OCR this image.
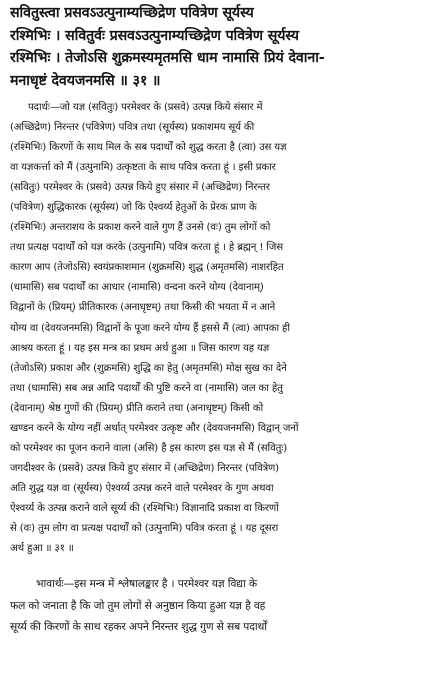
सवितुस्त्वा प्रसवऽउत्पुनाम्यच्छिद्रेण पवित्रेण सूर्यस्य
रश्मिभिः । सवितुर्वः प्रसवऽउत्पुनाम्यच्छिद्रेण पवित्रेण सूर्यस्य
रश्मिभिः । तेजोऽसि शुक्रमस्यमृतमसि धाम नामासि प्रियं देवाना-
मनाधृष्टं देवयजनमसि ॥ ३१ ॥
पदार्थः—जो यज्ञ (सवितुः) परमेश्वर के (प्रसवे) उत्पन्न किये संसार में
(अच्छिद्रेण) निरन्तर (पवित्रेण) पवित्र तथा (सूर्यस्य) प्रकाशमय सूर्य की
(रश्मिभिः) किरणों के साथ मिल के सब पदार्थों को शुद्ध करता है (त्वा) उस यज्ञ
वा यज्ञकर्त्ता को मैं (उत्पुनामि) उत्कृष्टता के साथ पवित्र करता हूं । इसी प्रकार
(सवितुः) परमेश्वर के (प्रसवे) उत्पन्न किये हुए संसार में (अच्छिद्रेण) निरन्तर
(पवित्रेण) शुद्धिकारक (सूर्यस्य) जो कि ऐश्वर्य्य हेतुओं के प्रेरक प्राण के
(रश्मिभिः) अन्तराशय के प्रकाश करने वाले गुण हैं उनसे (वः) तुम लोगों को
तथा प्रत्यक्ष पदार्थों को यज्ञ करके (उत्पुनामि) पवित्र करता हूं । हे ब्रह्मन् ! जिस
कारण आप (तेजोऽसि) स्वयंप्रकाशमान (शुक्रमसि) शुद्ध (अमृतमसि) नाशरहित
(धामासि) सब पदार्थों का आधार (नामासि) वन्दना करने योग्य (देवानाम्)
विद्वानों के (प्रियम्) प्रीतिकारक (अनाधृष्टम्) तथा किसी की भयता में न आने
योग्य वा (देवयजनमसि) विद्वानों के पूजा करने योग्य हैं इससे मैं (त्वा) आपका ही
आश्रय करता हूं । यह इस मन्त्र का प्रथम अर्थ हुआ ॥ जिस कारण यह यज्ञ
(तेजोऽसि) प्रकाश और (शुक्रमसि) शुद्धि का हेतु (अमृतमसि) मोक्ष सुख का देने
तथा (धामासि) सब अन्न आदि पदार्थों की पुष्टि करने वा (नामासि) जल का हेतु
(देवानाम्) श्रेष्ठ गुणों की (प्रियम्) प्रीति कराने तथा (अनाधृष्टम्) किसी को
खण्डन करने के योग्य नहीं अर्थात् परमेश्वर उत्कृष्ट और (देवयजनमसि) विद्वान् जनों
को परमेश्वर का पूजन कराने वाला (असि) है इस कारण इस यज्ञ से मैं (सवितुः)
जगदीश्वर के (प्रसवे) उत्पन्न किये हुए संसार में (अच्छिद्रेण) निरन्तर (पवित्रेण)
अति शुद्ध यज्ञ वा (सूर्यस्य) ऐश्वर्य्य उत्पन्न करने वाले परमेश्वर के गुण अथवा
ऐश्वर्य्य के उत्पन्न कराने वाले सूर्य्य की (रश्मिभिः) विज्ञानादि प्रकाश वा किरणों
से (वः) तुम लोग वा प्रत्यक्ष पदार्थों को (उत्पुनामि) पवित्र करता हूं । यह दूसरा
अर्थ हुआ ॥ ३१ ॥
भावार्थः—इस मन्त्र में श्लेषालङ्कार है । परमेश्वर यज्ञ विद्या के
फल को जनाता है कि जो तुम लोगों से अनुष्ठान किया हुआ यज्ञ है वह
सूर्य्य की किरणों के साथ रहकर अपने निरन्तर शुद्ध गुण से सब पदार्थों
